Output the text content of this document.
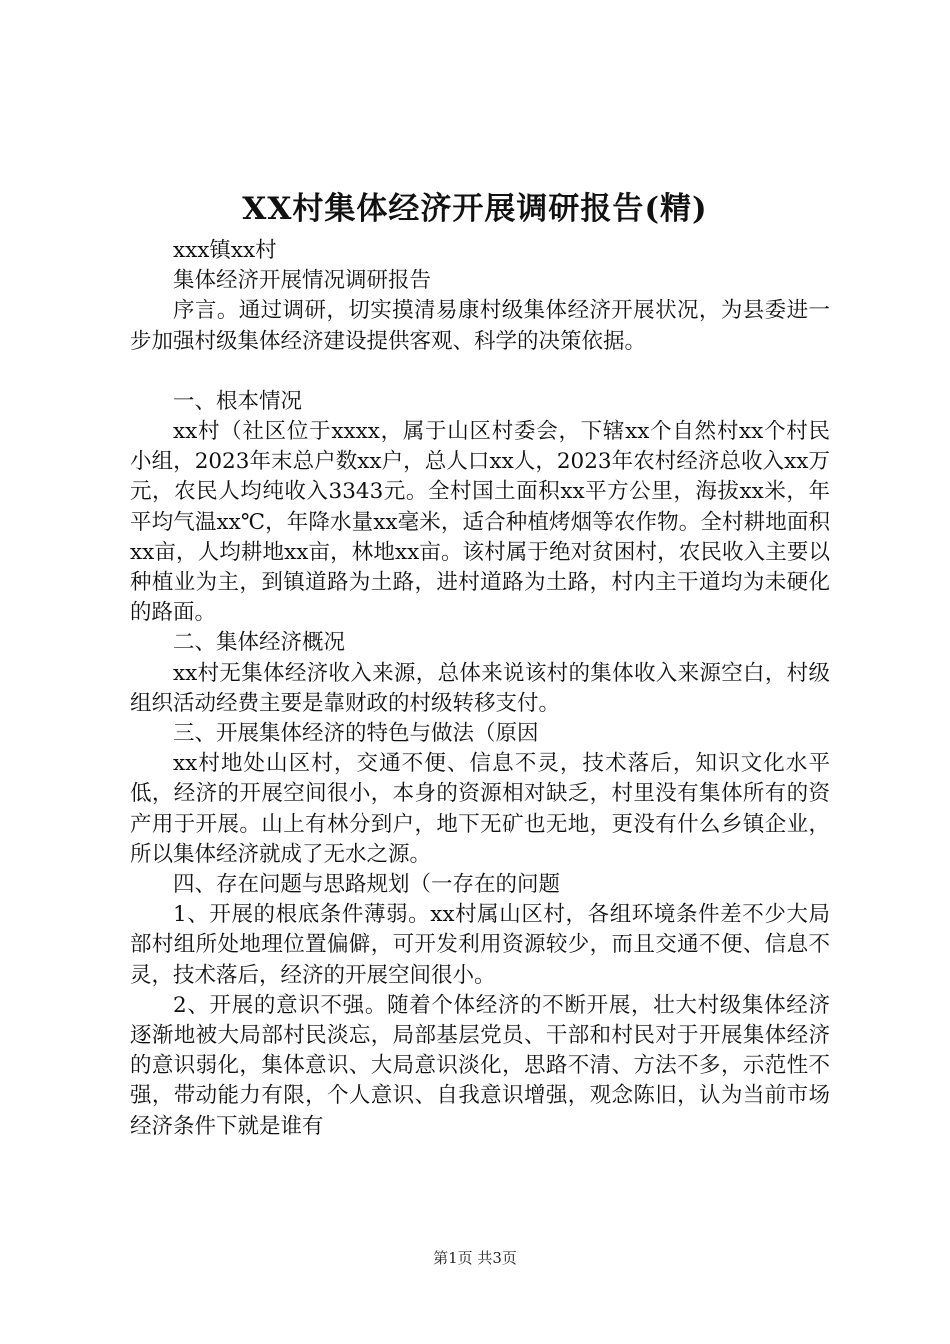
XX村集体经济开展调研报告(精)

xxx镇xx村

集体经济开展情况调研报告

序言。通过调研，切实摸清易康村级集体经济开展状况，为县委进一步加强村级集体经济建设提供客观、科学的决策依据。

一、根本情况

xx村（社区位于xxxx，属于山区村委会，下辖xx个自然村xx个村民小组，2023年末总户数xx户，总人口xx人，2023年农村经济总收入xx万元，农民人均纯收入3343元。全村国土面积xx平方公里，海拔xx米，年平均气温xx℃，年降水量xx毫米，适合种植烤烟等农作物。全村耕地面积xx亩，人均耕地xx亩，林地xx亩。该村属于绝对贫困村，农民收入主要以种植业为主，到镇道路为土路，进村道路为土路，村内主干道均为未硬化的路面。

二、集体经济概况

xx村无集体经济收入来源，总体来说该村的集体收入来源空白，村级组织活动经费主要是靠财政的村级转移支付。

三、开展集体经济的特色与做法（原因

xx村地处山区村，交通不便、信息不灵，技术落后，知识文化水平低，经济的开展空间很小，本身的资源相对缺乏，村里没有集体所有的资产用于开展。山上有林分到户，地下无矿也无地，更没有什么乡镇企业，所以集体经济就成了无水之源。

四、存在问题与思路规划（一存在的问题

1、开展的根底条件薄弱。xx村属山区村，各组环境条件差不少大局部村组所处地理位置偏僻，可开发利用资源较少，而且交通不便、信息不灵，技术落后，经济的开展空间很小。

2、开展的意识不强。随着个体经济的不断开展，壮大村级集体经济逐渐地被大局部村民淡忘，局部基层党员、干部和村民对于开展集体经济的意识弱化，集体意识、大局意识淡化，思路不清、方法不多，示范性不强，带动能力有限，个人意识、自我意识增强，观念陈旧，认为当前市场经济条件下就是谁有

第1页 共3页
